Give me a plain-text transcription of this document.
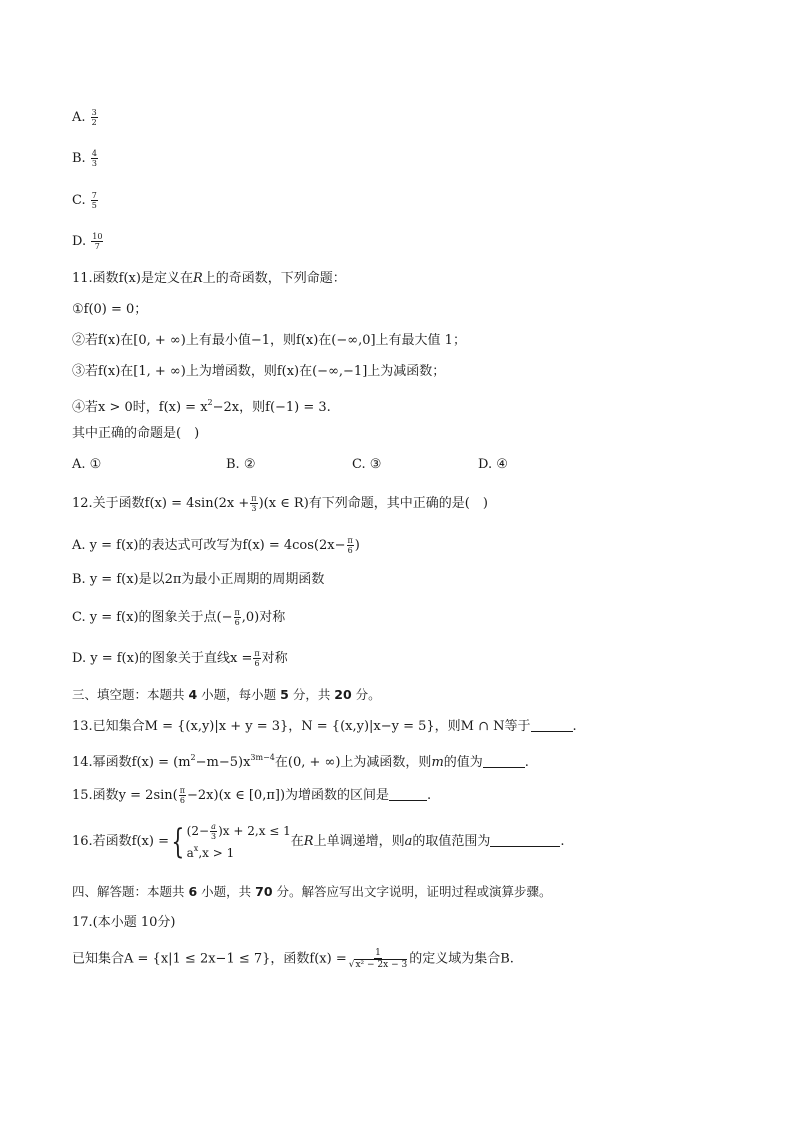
A. $\frac{3}{2}$
B. $\frac{4}{3}$
C. $\frac{7}{5}$
D. $\frac{10}{7}$
11.函数f(x)是定义在R上的奇函数，下列命题：
①f(0) = 0；
②若f(x)在[0, + ∞)上有最小值−1，则f(x)在(−∞,0]上有最大值 1；
③若f(x)在[1, + ∞)上为增函数，则f(x)在(−∞,−1]上为减函数；
④若x > 0时，$f(x) = x^2-2x$，则f(−1) = 3.
其中正确的命题是(　)
A. ①	B. ②	C. ③	D. ④
12.关于函数$f(x) = 4\sin(2x + \frac{\pi}{3} )(x$ ∈ R)有下列命题，其中正确的是(　)
A. y = f(x)的表达式可改写为$f(x) = 4\cos(2x- \frac{\pi}{6}$ )
B. y = f(x)是以2π为最小正周期的周期函数
C. y = f(x)的图象关于点(− $\frac{\pi}{6} ,0$)对称
D. y = f(x)的图象关于直线$x = \frac{\pi}{6}$ 对称
三、填空题：本题共 4 小题，每小题 5 分，共 20 分。
13.已知集合M = {(x,y)|x + y = 3}，N = {(x,y)|x−y = 5}，则M ∩ N等于	.
14.幂函数$f(x) = (m^2-m-5)x^{3m-4}$在(0, + ∞)上为减函数，则m的值为	.
15.函数$y = 2\sin( \frac{\pi}{6} -2x)(x$ ∈ [0,π])为增函数的区间是	.
16.若函数f(x) ={ $(2- \frac{a}{3} )x + 2,x \le 1$
$a^x,x > 1$
在R上单调递增，则a的取值范围为	.
四、解答题：本题共 6 小题，共 70 分。解答应写出文字说明，证明过程或演算步骤。
17.(本小题 10分)
已知集合A = {x|1 ≤ 2x−1 ≤ 7}，函数$f(x) = \frac{1}{\text{√x² − 2x − 3}}$ 的定义域为集合B.
